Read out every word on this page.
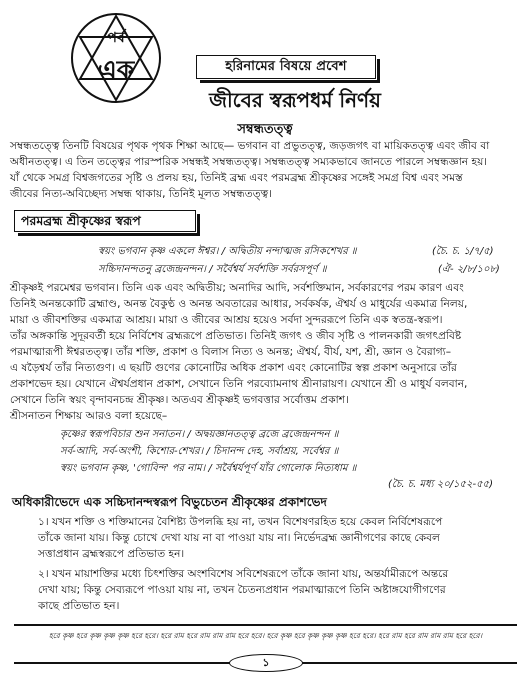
পর্ব
এক	হরিনামের বিষয়ে প্রবেশ
জীবের স্বরূপধর্ম নির্ণয়
সম্বন্ধতত্ত্ব
সম্বন্ধতত্ত্বে তিনটি বিষয়ের পৃথক পৃথক শিক্ষা আছে— ভগবান বা প্রভুতত্ত্ব, জড়জগৎ বা মায়িকতত্ত্ব এবং জীব বা
অধীনতত্ত্ব। এ তিন তত্ত্বের পারস্পরিক সম্বন্ধই সম্বন্ধতত্ত্ব। সম্বন্ধতত্ত্ব সম্যকভাবে জানতে পারলে সম্বন্ধজ্ঞান হয়।
যাঁ থেকে সমগ্র বিশ্বজগতের সৃষ্টি ও প্রলয় হয়, তিনিই ব্রহ্ম এবং পরমব্রহ্ম শ্রীকৃষ্ণের সঙ্গেই সমগ্র বিশ্ব এবং সমস্ত
জীবের নিত্য-অবিচ্ছেদ্য সম্বন্ধ থাকায়, তিনিই মূলত সম্বন্ধতত্ত্ব।
পরমব্রহ্ম শ্রীকৃষ্ণের স্বরূপ
স্বয়ং ভগবান কৃষ্ণ একলে ঈশ্বর। / অদ্বিতীয় নন্দাত্মজ রসিকশেখর ॥	(চৈ. চ. ১/৭/৫)
সচ্চিদানন্দতনু ব্রজেন্দ্রনন্দন। / সর্বৈশ্বর্য সর্বশক্তি সর্বরসপূর্ণ ॥	(ঐ- ২/৮/১০৮)
শ্রীকৃষ্ণই পরমেশ্বর ভগবান। তিনি এক এবং অদ্বিতীয়; অনাদির আদি, সর্বশক্তিমান, সর্বকারণের পরম কারণ এবং
তিনিই অনন্তকোটি ব্রহ্মাণ্ড, অনন্ত বৈকুণ্ঠ ও অনন্ত অবতারের আধার, সর্বকর্ষক, ঐশ্বর্য ও মাধুর্যের একমাত্র নিলয়,
মায়া ও জীবশক্তির একমাত্র আশ্রয়। মায়া ও জীবের আশ্রয় হয়েও সর্বদা সুন্দররূপে তিনি এক স্বতন্ত্র-স্বরূপ।
তাঁর অঙ্গকান্তি সুদূরবর্তী হয়ে নির্বিশেষ ব্রহ্মরূপে প্রতিভাত। তিনিই জগৎ ও জীব সৃষ্টি ও পালনকারী জগৎপ্রবিষ্ট
পরমাত্মারূপী ঈশ্বরতত্ত্ব। তাঁর শক্তি, প্রকাশ ও বিলাস নিত্য ও অনন্ত; ঐশ্বর্য, বীর্য, যশ, শ্রী, জ্ঞান ও বৈরাগ্য–
এ ষড়ৈশ্বর্য তাঁর নিত্যগুণ। এ ছয়টি গুণের কোনোটির অধিক প্রকাশ এবং কোনোটির স্বল্প প্রকাশ অনুসারে তাঁর
প্রকাশভেদ হয়। যেখানে ঐশ্বর্যপ্রধান প্রকাশ, সেখানে তিনি পরব্যোমনাথ শ্রীনারায়ণ। যেখানে শ্রী ও মাধুর্য বলবান,
সেখানে তিনি স্বয়ং বৃন্দাবনচন্দ্র শ্রীকৃষ্ণ। অতএব শ্রীকৃষ্ণই ভগবত্তার সর্বোত্তম প্রকাশ।
শ্রীসনাতন শিক্ষায় আরও বলা হয়েছে–
কৃষ্ণের স্বরূপবিচার শুন সনাতন। / অদ্বয়জ্ঞানতত্ত্ব ব্রজে ব্রজেন্দ্রনন্দন ॥
সর্ব-আদি, সর্ব-অংশী, কিশোর-শেখর। / চিদানন্দ দেহ, সর্বাশ্রয়, সর্বেশ্বর ॥
স্বয়ং ভগবান কৃষ্ণ, 'গোবিন্দ' পর নাম। / সর্বৈশ্বর্যপূর্ণ যাঁর গোলোক নিত্যধাম ॥
(চৈ. চ. মধ্য ২০/১৫২-৫৫)
অধিকারীভেদে এক সচ্চিদানন্দস্বরূপ বিভুচেতন শ্রীকৃষ্ণের প্রকাশভেদ
১। যখন শক্তি ও শক্তিমানের বৈশিষ্ট্য উপলব্ধি হয় না, তখন বিশেষণরহিত হয়ে কেবল নির্বিশেষরূপে
তাঁকে জানা যায়। কিন্তু চোখে দেখা যায় না বা পাওয়া যায় না। নির্ভেদব্রহ্ম জ্ঞানীগণের কাছে কেবল
সত্তাপ্রধান ব্রহ্মস্বরূপে প্রতিভাত হন।
২। যখন মায়াশক্তির মধ্যে চিৎশক্তির অংশবিশেষ সবিশেষরূপে তাঁকে জানা যায়, অন্তর্যামীরূপে অন্তরে
দেখা যায়; কিন্তু সেব্যরূপে পাওয়া যায় না, তখন চৈতন্যপ্রধান পরমাত্মারূপে তিনি অষ্টাঙ্গযোগীগণের
কাছে প্রতিভাত হন।
হরে কৃষ্ণ হরে কৃষ্ণ কৃষ্ণ কৃষ্ণ হরে হরে। হরে রাম হরে রাম রাম রাম হরে হরে। হরে কৃষ্ণ হরে কৃষ্ণ কৃষ্ণ কৃষ্ণ হরে হরে। হরে রাম হরে রাম রাম রাম হরে হরে।
১
